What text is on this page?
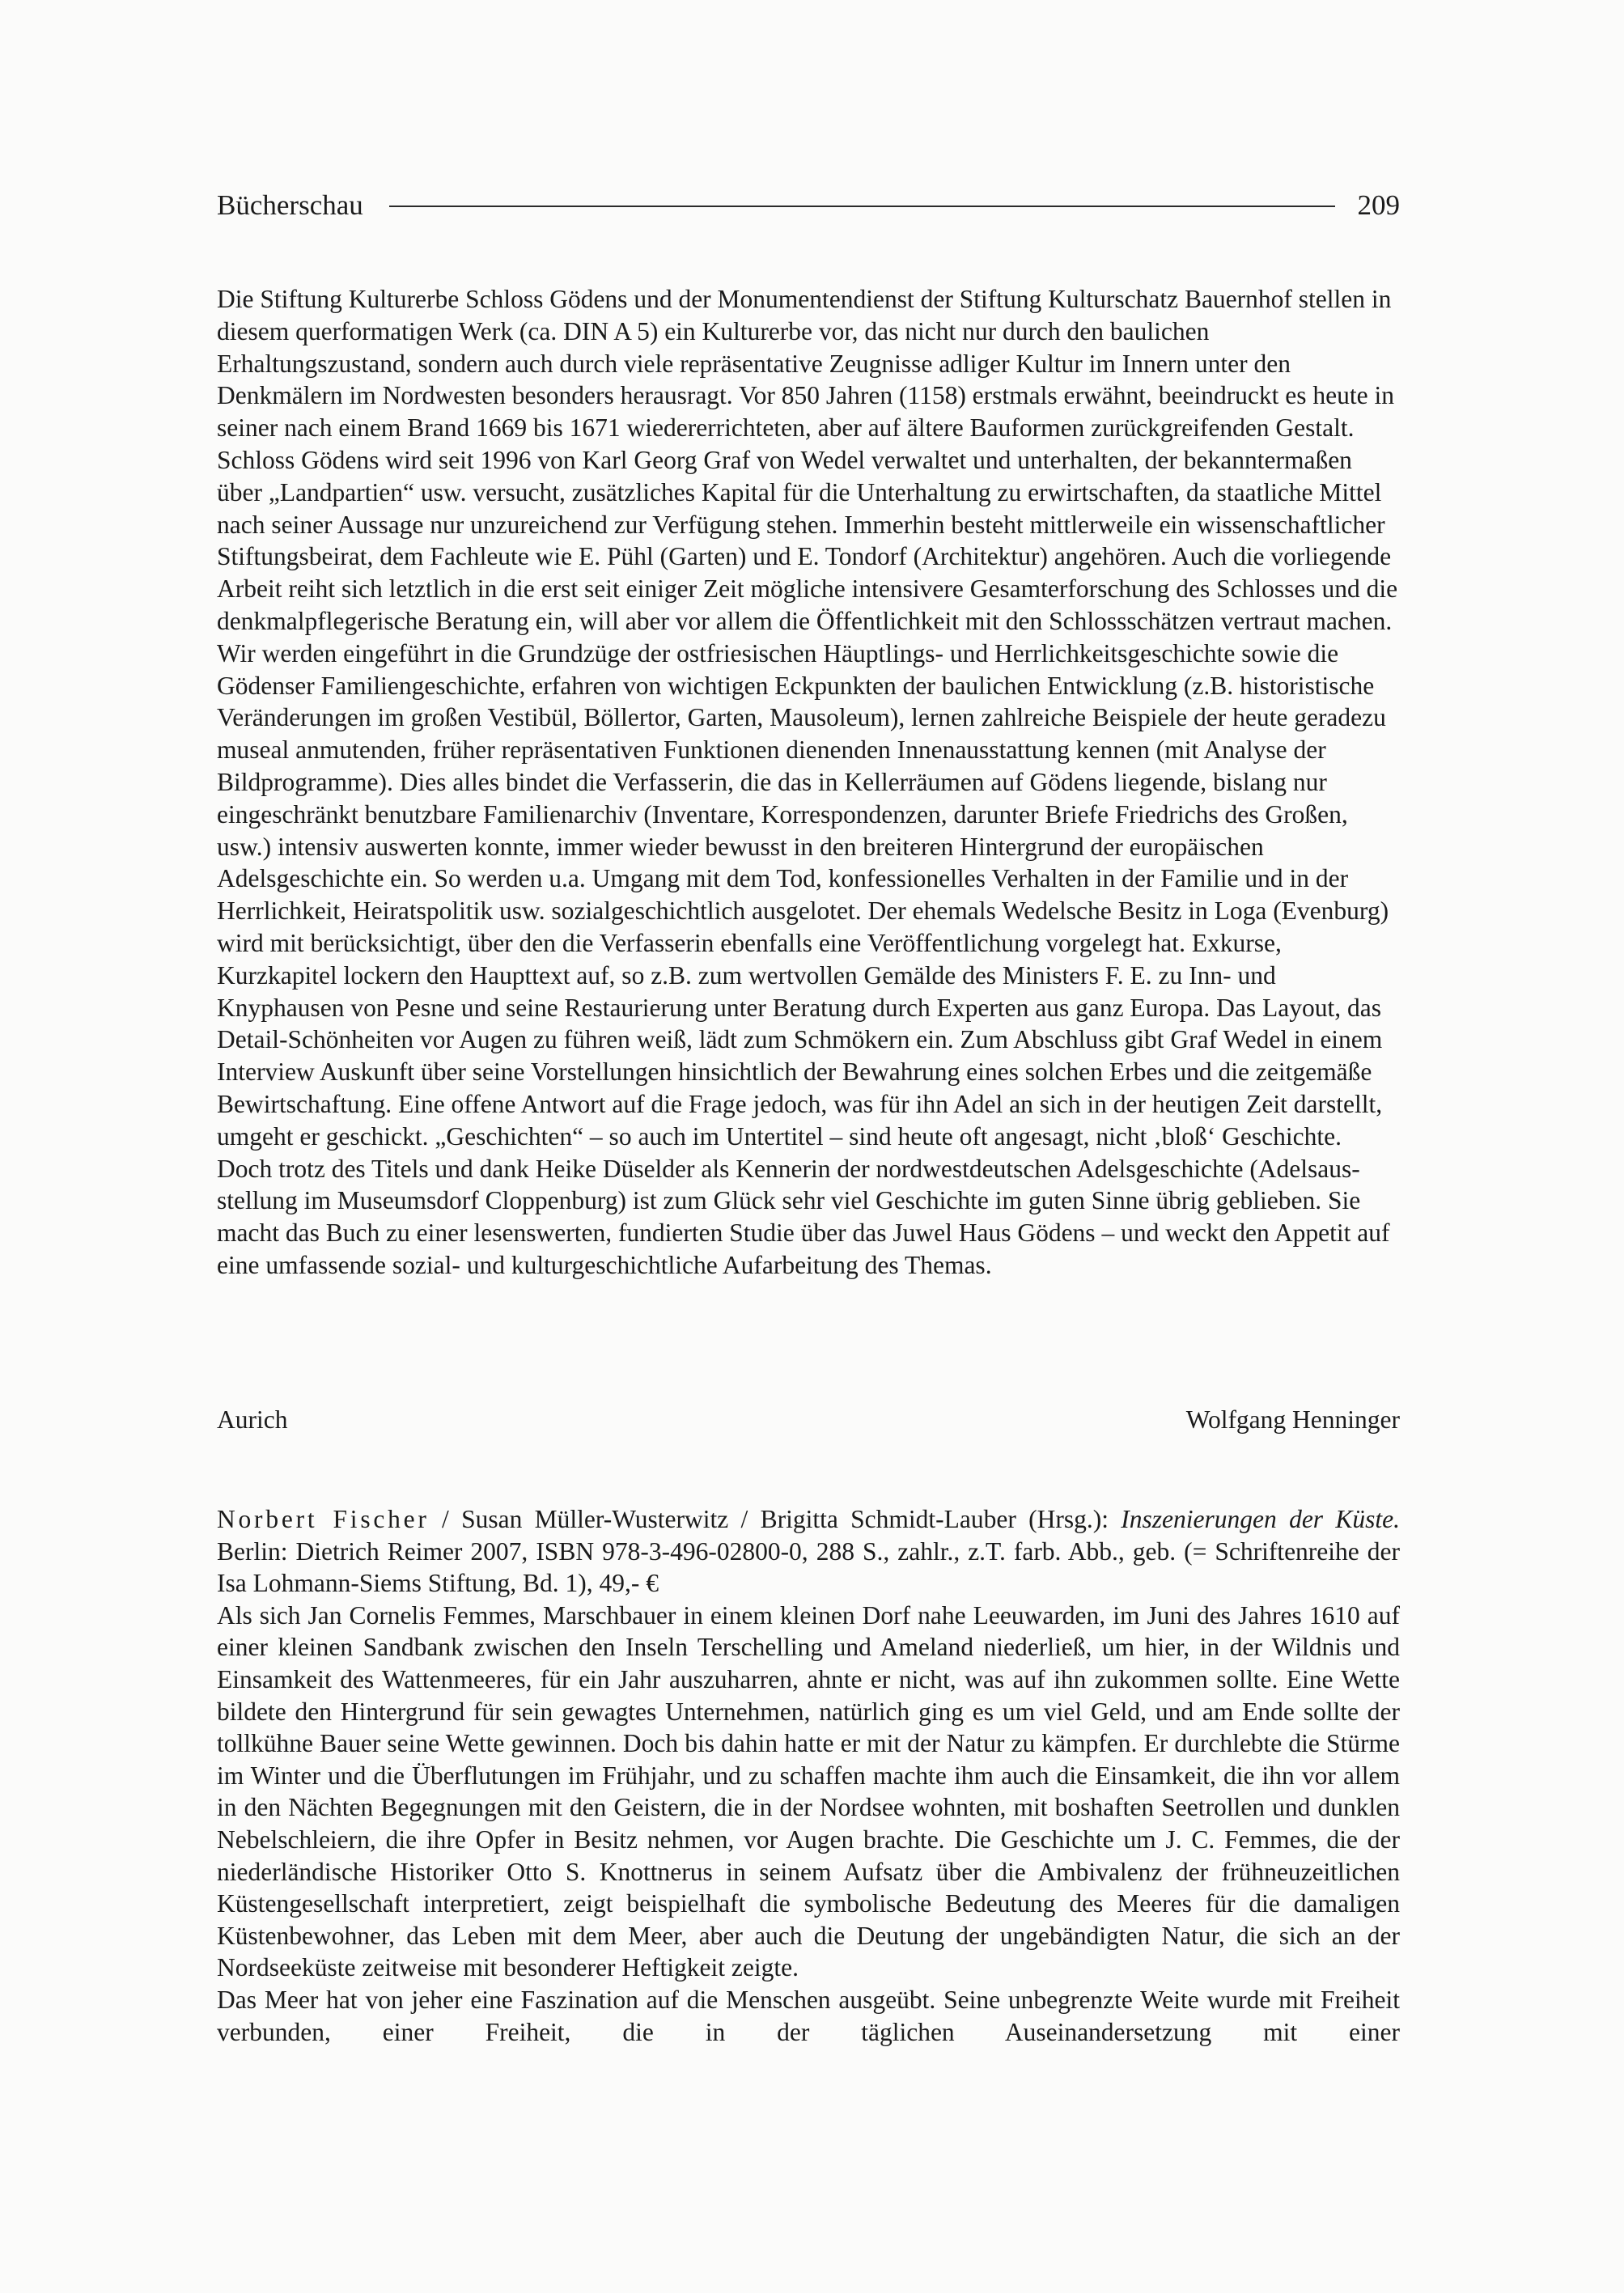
Bücherschau	209

Die Stiftung Kulturerbe Schloss Gödens und der Monumentendienst der Stiftung Kulturschatz Bauernhof stellen in diesem querformatigen Werk (ca. DIN A 5) ein Kulturerbe vor, das nicht nur durch den baulichen Erhaltungszustand, sondern auch durch viele repräsentative Zeugnisse adliger Kultur im Innern unter den Denkmälern im Nordwesten besonders herausragt. Vor 850 Jahren (1158) erstmals erwähnt, beeindruckt es heute in seiner nach einem Brand 1669 bis 1671 wiedererrichteten, aber auf ältere Bauformen zurückgreifenden Gestalt. Schloss Gödens wird seit 1996 von Karl Georg Graf von Wedel verwaltet und unterhalten, der bekanntermaßen über „Landpartien“ usw. versucht, zusätzliches Kapital für die Unterhaltung zu erwirtschaften, da staatliche Mittel nach seiner Aussage nur unzureichend zur Verfügung stehen. Immerhin besteht mittlerweile ein wissenschaftlicher Stiftungsbeirat, dem Fachleute wie E. Pühl (Garten) und E. Tondorf (Architektur) angehören. Auch die vorliegende Arbeit reiht sich letztlich in die erst seit einiger Zeit mögliche intensivere Gesamterforschung des Schlosses und die denkmalpflegerische Beratung ein, will aber vor allem die Öffentlichkeit mit den Schlossschätzen vertraut machen. Wir werden eingeführt in die Grundzüge der ostfriesischen Häuptlings- und Herrlichkeitsgeschichte sowie die Gödenser Familiengeschichte, erfahren von wichtigen Eckpunkten der baulichen Entwicklung (z.B. historistische Veränderungen im großen Vestibül, Böllertor, Garten, Mausoleum), lernen zahlreiche Beispiele der heute geradezu museal anmutenden, früher repräsentativen Funktionen dienenden Innenausstattung kennen (mit Analyse der Bildprogramme). Dies alles bindet die Verfasserin, die das in Kellerräumen auf Gödens liegende, bislang nur eingeschränkt benutzbare Familienarchiv (Inventare, Korrespondenzen, darunter Briefe Friedrichs des Großen, usw.) intensiv auswerten konnte, immer wieder bewusst in den breiteren Hintergrund der europäischen Adelsgeschichte ein. So werden u.a. Umgang mit dem Tod, konfessionelles Verhalten in der Familie und in der Herrlichkeit, Heiratspolitik usw. sozialgeschichtlich ausgelotet. Der ehemals Wedelsche Besitz in Loga (Evenburg) wird mit berücksichtigt, über den die Verfasserin ebenfalls eine Veröffentlichung vorgelegt hat. Exkurse, Kurzkapitel lockern den Haupttext auf, so z.B. zum wertvollen Gemälde des Ministers F. E. zu Inn- und Knyphausen von Pesne und seine Restaurierung unter Beratung durch Experten aus ganz Europa. Das Layout, das Detail-Schönheiten vor Augen zu führen weiß, lädt zum Schmökern ein. Zum Abschluss gibt Graf Wedel in einem Interview Auskunft über seine Vorstellungen hinsichtlich der Bewahrung eines solchen Erbes und die zeitgemäße Bewirtschaftung. Eine offene Antwort auf die Frage jedoch, was für ihn Adel an sich in der heutigen Zeit darstellt, umgeht er geschickt. „Geschichten“ – so auch im Untertitel – sind heute oft angesagt, nicht ‚bloß‘ Geschichte. Doch trotz des Titels und dank Heike Düselder als Kennerin der nordwestdeutschen Adelsgeschichte (Adelsausstellung im Museumsdorf Cloppenburg) ist zum Glück sehr viel Geschichte im guten Sinne übrig geblieben. Sie macht das Buch zu einer lesenswerten, fundierten Studie über das Juwel Haus Gödens – und weckt den Appetit auf eine umfassende sozial- und kulturgeschichtliche Aufarbeitung des Themas.

Aurich	Wolfgang Henninger

Norbert Fischer / Susan Müller-Wusterwitz / Brigitta Schmidt-Lauber (Hrsg.): Inszenierungen der Küste. Berlin: Dietrich Reimer 2007, ISBN 978-3-496-02800-0, 288 S., zahlr., z.T. farb. Abb., geb. (= Schriftenreihe der Isa Lohmann-Siems Stiftung, Bd. 1), 49,- €

Als sich Jan Cornelis Femmes, Marschbauer in einem kleinen Dorf nahe Leeuwarden, im Juni des Jahres 1610 auf einer kleinen Sandbank zwischen den Inseln Terschelling und Ameland niederließ, um hier, in der Wildnis und Einsamkeit des Wattenmeeres, für ein Jahr auszuharren, ahnte er nicht, was auf ihn zukommen sollte. Eine Wette bildete den Hintergrund für sein gewagtes Unternehmen, natürlich ging es um viel Geld, und am Ende sollte der tollkühne Bauer seine Wette gewinnen. Doch bis dahin hatte er mit der Natur zu kämpfen. Er durchlebte die Stürme im Winter und die Überflutungen im Frühjahr, und zu schaffen machte ihm auch die Einsamkeit, die ihn vor allem in den Nächten Begegnungen mit den Geistern, die in der Nordsee wohnten, mit boshaften Seetrollen und dunklen Nebelschleiern, die ihre Opfer in Besitz nehmen, vor Augen brachte. Die Geschichte um J. C. Femmes, die der niederländische Historiker Otto S. Knottnerus in seinem Aufsatz über die Ambivalenz der frühneuzeitlichen Küstengesellschaft interpretiert, zeigt beispielhaft die symbolische Bedeutung des Meeres für die damaligen Küstenbewohner, das Leben mit dem Meer, aber auch die Deutung der ungebändigten Natur, die sich an der Nordseeküste zeitweise mit besonderer Heftigkeit zeigte.

Das Meer hat von jeher eine Faszination auf die Menschen ausgeübt. Seine unbegrenzte Weite wurde mit Freiheit verbunden, einer Freiheit, die in der täglichen Auseinandersetzung mit einer
